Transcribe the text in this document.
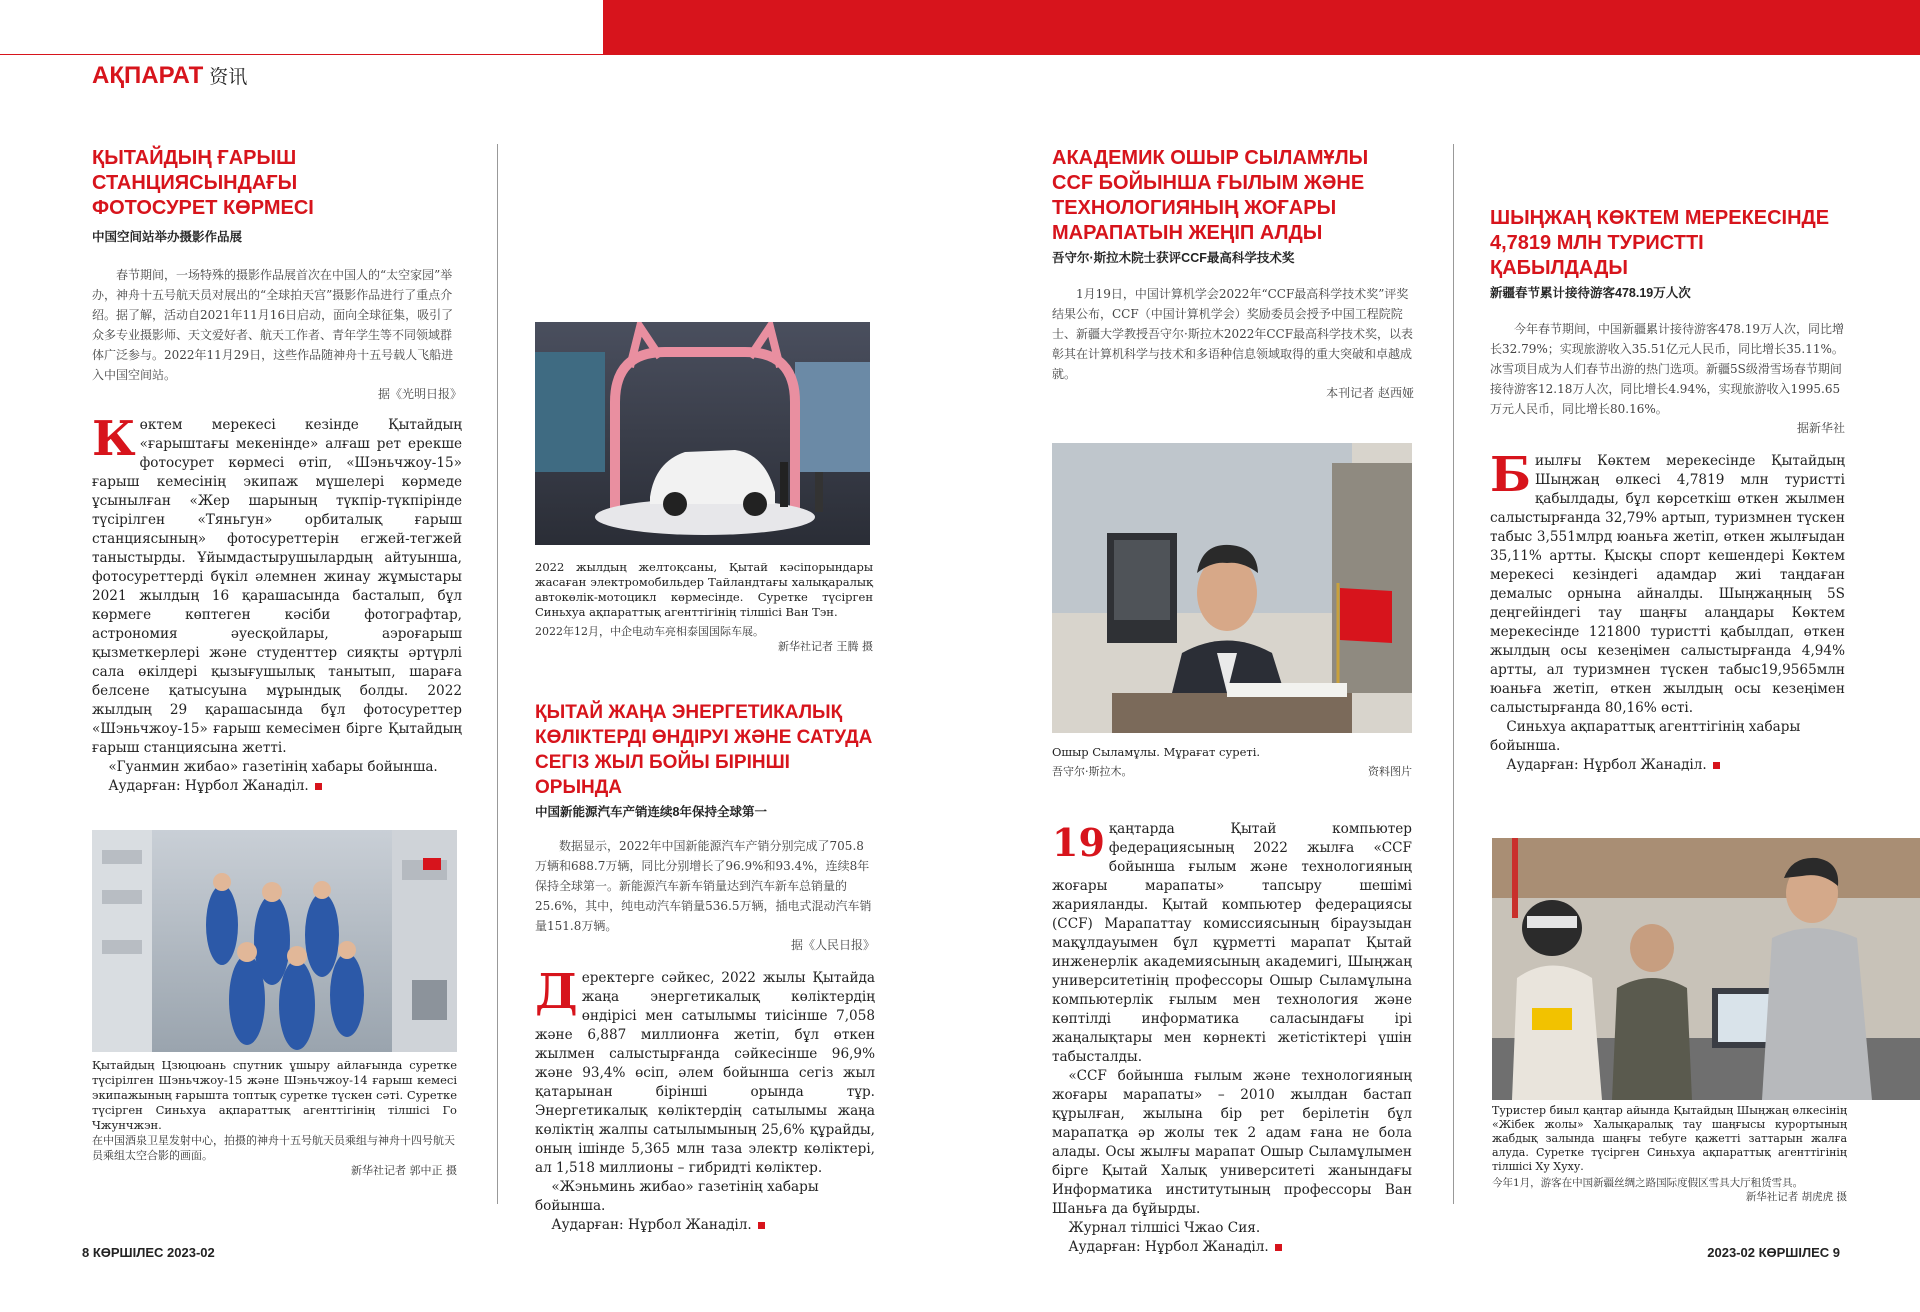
АҚПАРАТ 资讯
ҚЫТАЙДЫҢ ҒАРЫШ СТАНЦИЯСЫНДАҒЫ
ФОТОСУРЕТ КӨРМЕСІ

中国空间站举办摄影作品展

春节期间，一场特殊的摄影作品展首次在中国人的“太空家园”举办，神舟十五号航天员对展出的“全球拍天宫”摄影作品进行了重点介绍。据了解，活动自2021年11月16日启动，面向全球征集，吸引了众多专业摄影师、天文爱好者、航天工作者、青年学生等不同领域群体广泛参与。2022年11月29日，这些作品随神舟十五号载人飞船进入中国空间站。

据《光明日报》

Көктем мерекесі кезінде Қытайдың «ғарыштағы мекенінде» алғаш рет ерекше фотосурет көрмесі өтіп, «Шэньчжоу-15» ғарыш кемесінің экипаж мүшелері көрмеде ұсынылған «Жер шарының түкпір-түкпірінде түсірілген «Тяньгун» орбиталық ғарыш станциясының» фотосуреттерін егжей-тегжей таныстырды. Ұйымдастырушылардың айтуынша, фотосуреттерді бүкіл әлемнен жинау жұмыстары 2021 жылдың 16 қарашасында басталып, бұл көрмеге көптеген кәсіби фотографтар, астрономия әуесқойлары, аэроғарыш қызметкерлері және студенттер сияқты әртүрлі сала өкілдері қызығушылық танытып, шараға белсене қатысуына мұрындық болды. 2022 жылдың 29 қарашасында бұл фотосуреттер «Шэньчжоу-15» ғарыш кемесімен бірге Қытайдың ғарыш станциясына жетті.

«Гуанмин жибао» газетінің хабары бойынша.

Аударған: Нұрбол Жанаділ.

Қытайдың Цзюцюань спутник ұшыру айлағында суретке түсірілген Шэньчжоу-15 және Шэньчжоу-14 ғарыш кемесі экипажының ғарышта топтық суретке түскен сәті. Суретке түсірген Синьхуа ақпараттық агенттігінің тілшісі Го Чжунчжэн.

在中国酒泉卫星发射中心，拍摄的神舟十五号航天员乘组与神舟十四号航天员乘组太空合影的画面。

新华社记者 郭中正 摄

2022 жылдың желтоқсаны, Қытай кәсіпорындары жасаған электромобильдер Тайландтағы халықаралық автокөлік-мотоцикл көрмесінде. Суретке түсірген Синьхуа ақпараттық агенттігінің тілшісі Ван Тэн.

2022年12月，中企电动车亮相泰国国际车展。

新华社记者 王腾 摄

ҚЫТАЙ ЖАҢА ЭНЕРГЕТИКАЛЫҚ
КӨЛІКТЕРДІ ӨНДІРУІ ЖӘНЕ САТУДА
СЕГІЗ ЖЫЛ БОЙЫ БІРІНШІ ОРЫНДА

中国新能源汽车产销连续8年保持全球第一

数据显示，2022年中国新能源汽车产销分别完成了705.8万辆和688.7万辆，同比分别增长了96.9%和93.4%，连续8年保持全球第一。新能源汽车新车销量达到汽车新车总销量的25.6%，其中，纯电动汽车销量536.5万辆，插电式混动汽车销量151.8万辆。

据《人民日报》

Деректерге сәйкес, 2022 жылы Қытайда жаңа энергетикалық көліктердің өндірісі мен сатылымы тиісінше 7,058 және 6,887 миллионға жетіп, бұл өткен жылмен салыстырғанда сәйкесінше 96,9% және 93,4% өсіп, әлем бойынша сегіз жыл қатарынан бірінші орында тұр. Энергетикалық көліктердің сатылымы жаңа көліктің жалпы сатылымының 25,6% құрайды, оның ішінде 5,365 млн таза электр көліктері, ал 1,518 миллионы – гибридті көліктер.

«Жэньминь жибао» газетінің хабары бойынша.

Аударған: Нұрбол Жанаділ.

АКАДЕМИК ОШЫР СЫЛАМҰЛЫ
CCF БОЙЫНША ҒЫЛЫМ ЖӘНЕ
ТЕХНОЛОГИЯНЫҢ ЖОҒАРЫ
МАРАПАТЫН ЖЕҢІП АЛДЫ

吾守尔·斯拉木院士获评CCF最高科学技术奖

1月19日，中国计算机学会2022年“CCF最高科学技术奖”评奖结果公布，CCF（中国计算机学会）奖励委员会授予中国工程院院士、新疆大学教授吾守尔·斯拉木2022年CCF最高科学技术奖，以表彰其在计算机科学与技术和多语种信息领域取得的重大突破和卓越成就。

本刊记者 赵西娅

Ошыр Сыламұлы. Мұрағат суреті.

吾守尔·斯拉木。	资料图片

19 қаңтарда Қытай компьютер федерациясының 2022 жылға «CCF бойынша ғылым және технологияның жоғары марапаты» тапсыру шешімі жарияланды. Қытай компьютер федерациясы (CCF) Марапаттау комиссиясының біраузыдан мақұлдауымен бұл құрметті марапат Қытай инженерлік академиясының академигі, Шыңжаң университетінің профессоры Ошыр Сыламұлына компьютерлік ғылым мен технология және көптілді информатика саласындағы ірі жаңалықтары мен көрнекті жетістіктері үшін табысталды.

«CCF бойынша ғылым және технологияның жоғары марапаты» – 2010 жылдан бастап құрылған, жылына бір рет берілетін бұл марапатқа әр жолы тек 2 адам ғана не бола алады. Осы жылғы марапат Ошыр Сыламұлымен бірге Қытай Халық университеті жанындағы Информатика институтының профессоры Ван Шаньға да бұйырды.

Журнал тілшісі Чжао Сия.

Аударған: Нұрбол Жанаділ.

ШЫҢЖАҢ КӨКТЕМ МЕРЕКЕСІНДЕ
4,7819 МЛН ТУРИСТТІ ҚАБЫЛДАДЫ

新疆春节累计接待游客478.19万人次

今年春节期间，中国新疆累计接待游客478.19万人次，同比增长32.79%；实现旅游收入35.51亿元人民币，同比增长35.11%。冰雪项目成为人们春节出游的热门选项。新疆5S级滑雪场春节期间接待游客12.18万人次，同比增长4.94%，实现旅游收入1995.65万元人民币，同比增长80.16%。

据新华社

Биылғы Көктем мерекесінде Қытайдың Шыңжаң өлкесі 4,7819 млн туристті қабылдады, бұл көрсеткіш өткен жылмен салыстырғанда 32,79% артып, туризмнен түскен табыс 3,551млрд юаньға жетіп, өткен жылғыдан 35,11% артты. Қысқы спорт кешендері Көктем мерекесі кезіндегі адамдар жиі таңдаған демалыс орнына айналды. Шыңжаңның 5S деңгейіндегі тау шаңғы алаңдары Көктем мерекесінде 121800 туристті қабылдап, өткен жылдың осы кезеңімен салыстырғанда 4,94% артты, ал туризмнен түскен табыс19,9565млн юаньға жетіп, өткен жылдың осы кезеңімен салыстырғанда 80,16% өсті.

Синьхуа ақпараттық агенттігінің хабары бойынша.

Аударған: Нұрбол Жанаділ.

Туристер биыл қаңтар айында Қытайдың Шыңжаң өлкесінің «Жібек жолы» Халықаралық тау шаңғысы курортының жабдық залында шаңғы тебуге қажетті заттарын жалға алуда. Суретке түсірген Синьхуа ақпараттық агенттігінің тілшісі Ху Хуху.

今年1月，游客在中国新疆丝绸之路国际度假区雪具大厅租赁雪具。

新华社记者 胡虎虎 摄

8 КӨРШІЛЕС 2023-02	2023-02 КӨРШІЛЕС 9
